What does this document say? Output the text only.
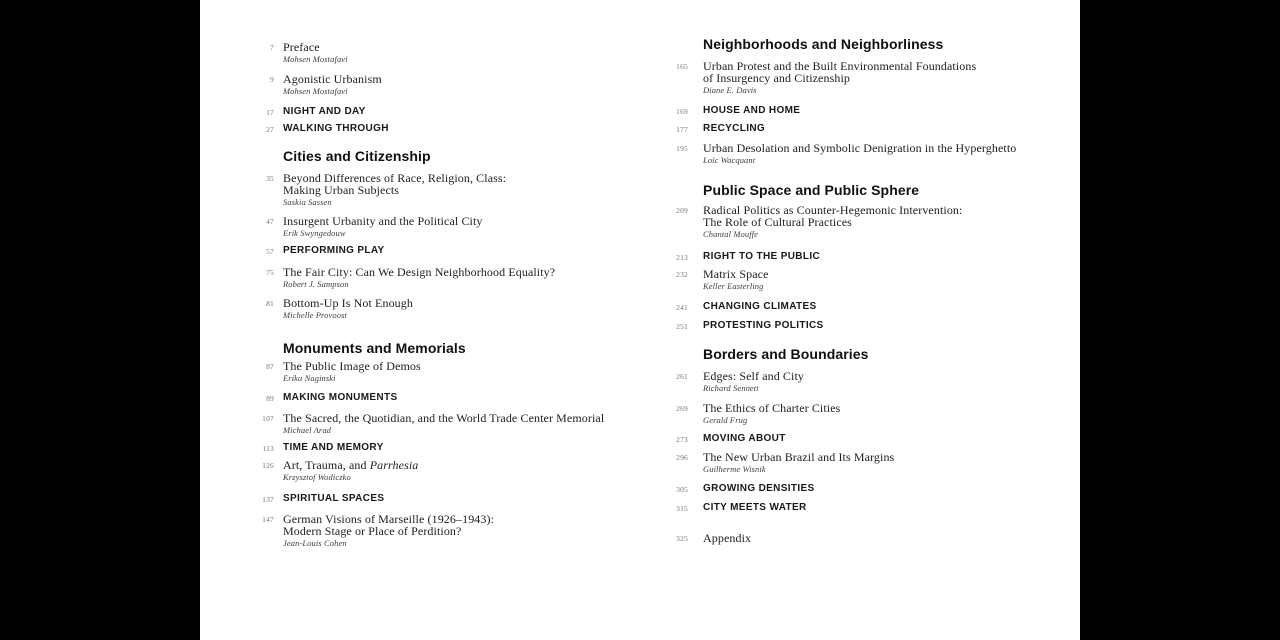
7 Preface
Mohsen Mostafavi
9 Agonistic Urbanism
Mohsen Mostafavi
17 NIGHT AND DAY
27 WALKING THROUGH
Cities and Citizenship
35 Beyond Differences of Race, Religion, Class:
Making Urban Subjects
Saskia Sassen
47 Insurgent Urbanity and the Political City
Erik Swyngedouw
57 PERFORMING PLAY
75 The Fair City: Can We Design Neighborhood Equality?
Robert J. Sampson
81 Bottom-Up Is Not Enough
Michelle Provoost
Monuments and Memorials
87 The Public Image of Demos
Erika Naginski
89 MAKING MONUMENTS
107 The Sacred, the Quotidian, and the World Trade Center Memorial
Michael Arad
113 TIME AND MEMORY
126 Art, Trauma, and Parrhesia
Krzysztof Wodiczko
137 SPIRITUAL SPACES
147 German Visions of Marseille (1926–1943):
Modern Stage or Place of Perdition?
Jean-Louis Cohen
Neighborhoods and Neighborliness
165 Urban Protest and the Built Environmental Foundations
of Insurgency and Citizenship
Diane E. Davis
169 HOUSE AND HOME
177 RECYCLING
195 Urban Desolation and Symbolic Denigration in the Hyperghetto
Loïc Wacquant
Public Space and Public Sphere
209 Radical Politics as Counter-Hegemonic Intervention:
The Role of Cultural Practices
Chantal Mouffe
213 RIGHT TO THE PUBLIC
232 Matrix Space
Keller Easterling
241 CHANGING CLIMATES
251 PROTESTING POLITICS
Borders and Boundaries
261 Edges: Self and City
Richard Sennett
269 The Ethics of Charter Cities
Gerald Frug
273 MOVING ABOUT
296 The New Urban Brazil and Its Margins
Guilherme Wisnik
305 GROWING DENSITIES
315 CITY MEETS WATER
325 Appendix
